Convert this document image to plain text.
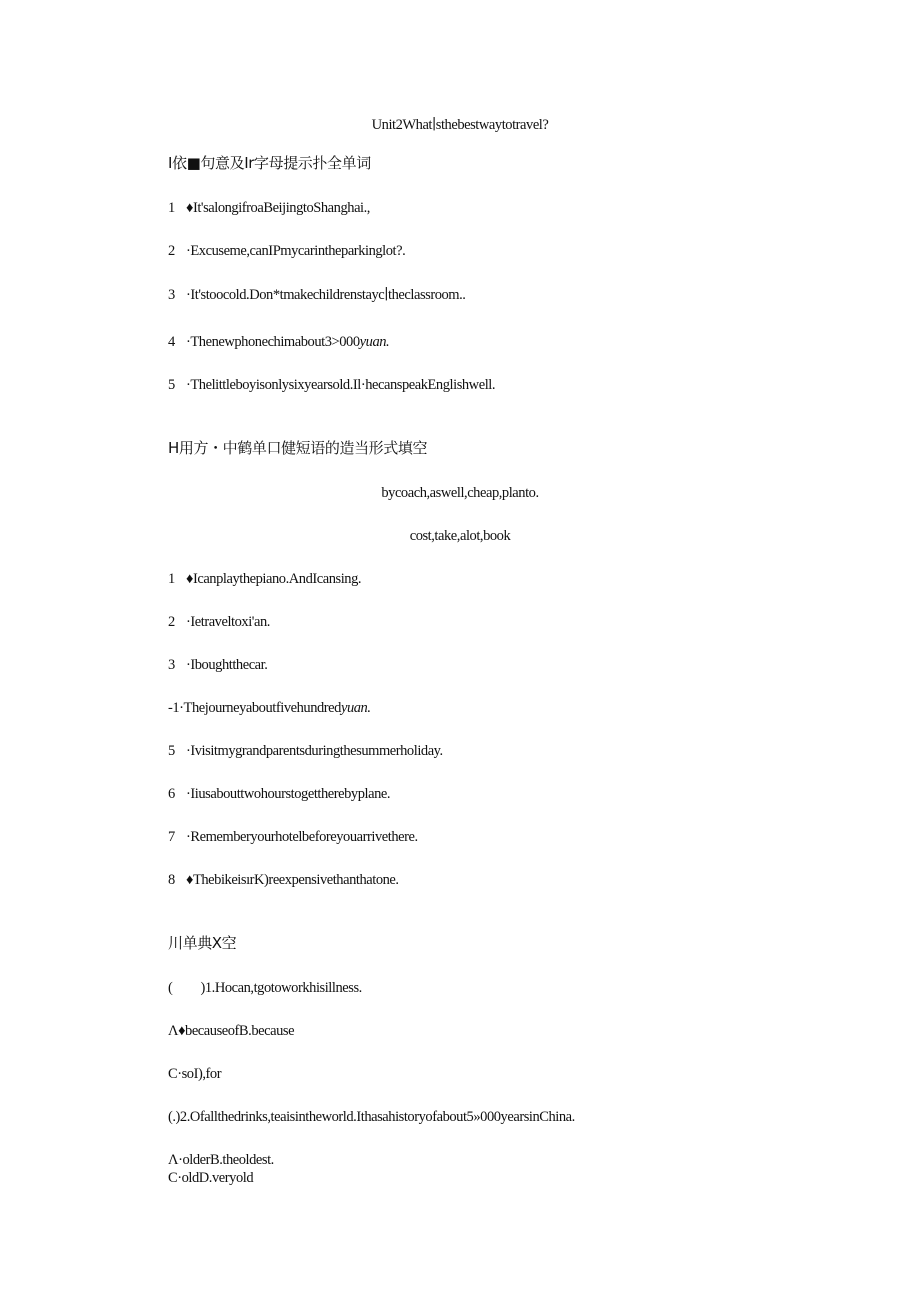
Unit2What∣sthebestwaytotravel?
I依■句意及Ir字母提示扑全单词
1 ♦It'salongifroaBeijingtoShanghai.,
2 ·Excuseme,canIPmycarintheparkinglot?.
3 ·It'stoocold.Don*tmakechildrenstayc∣theclassroom..
4 ·Thenewphonechimabout3>000yuan.
5 ·Thelittleboyisonlysixyearsold.Il·hecanspeakEnglishwell.
H用方・中鹤单口健短语的造当形式填空
bycoach,aswell,cheap,planto.
cost,take,alot,book
1 ♦Icanplaythepiano.AndIcansing.
2 ·Ietraveltoxi'an.
3 ·Iboughtthecar.
-1·Thejourneyaboutfivehundredyuan.
5 ·Ivisitmygrandparentsduringthesummerholiday.
6 ·Iiusabouttwohourstogettherebyplane.
7 ·Rememberyourhotelbeforeyouarrivethere.
8 ♦ThebikeisırK)reexpensivethanthatone.
川单典X空
(  )1.Hocan,tgotoworkhisillness.
Λ♦becauseofB.because
C·soI),for
(.)2.Ofallthedrinks,teaisintheworld.Ithasahistoryofabout5»000yearsinChina.
Λ·olderB.theoldest.
C·oldD.veryold
